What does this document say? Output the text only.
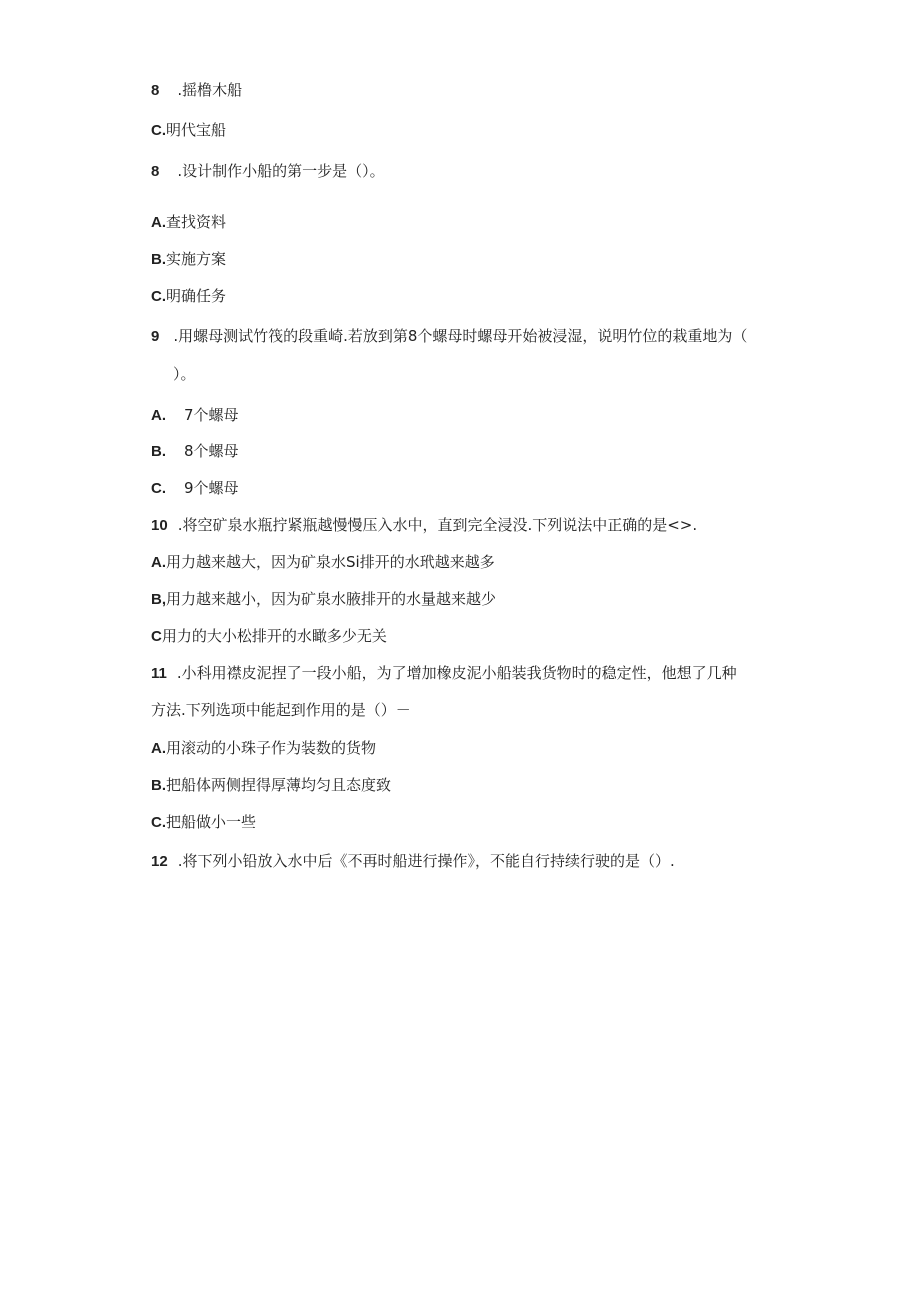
8 .摇橹木船
C.明代宝船
8 .设计制作小船的第一步是（）。
A.查找资料
B.实施方案
C.明确任务
9 .用螺母测试竹筏的段重崎.若放到第8个螺母时螺母开始被浸湿，说明竹位的栽重地为（
）。
A. 7个螺母
B. 8个螺母
C. 9个螺母
10 .将空矿泉水瓶拧紧瓶越慢慢压入水中，直到完全浸没.下列说法中正确的是<>.
A.用力越来越大，因为矿泉水Si排开的水玳越来越多
B,用力越来越小，因为矿泉水腋排开的水量越来越少
C用力的大小松排开的水瞰多少无关
11 .小科用襟皮泥捏了一段小船，为了增加橡皮泥小船装我货物时的稳定性，他想了几种
方法.下列选项中能起到作用的是（）－
A.用滚动的小珠子作为装数的货物
B.把船体两侧捏得厚薄均匀且态度致
C.把船做小一些
12 .将下列小铅放入水中后《不再时船进行操作》，不能自行持续行驶的是（）.
